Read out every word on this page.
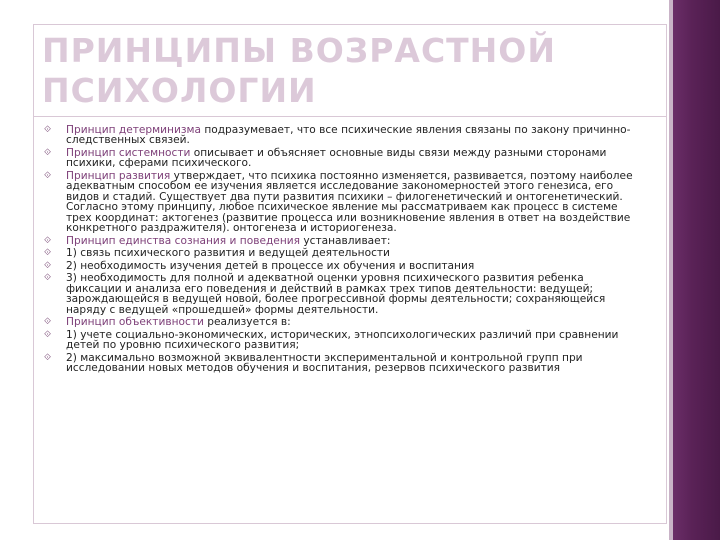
ПРИНЦИПЫ ВОЗРАСТНОЙ
ПСИХОЛОГИИ
⟐ Принцип детерминизма подразумевает, что все психические явления связаны по закону причинно-следственных связей.
⟐ Принцип системности описывает и объясняет основные виды связи между разными сторонами психики, сферами психического.
⟐ Принцип развития утверждает, что психика постоянно изменяется, развивается, поэтому наиболее адекватным способом ее изучения является исследование закономерностей этого генезиса, его видов и стадий. Существует два пути развития психики – филогенетический и онтогенетический. Согласно этому принципу, любое психическое явление мы рассматриваем как процесс в системе трех координат: актогенез (развитие процесса или возникновение явления в ответ на воздействие конкретного раздражителя). онтогенеза и историогенеза.
⟐ Принцип единства сознания и поведения устанавливает:
⟐ 1) связь психического развития и ведущей деятельности
⟐ 2) необходимость изучения детей в процессе их обучения и воспитания
⟐ 3) необходимость для полной и адекватной оценки уровня психического развития ребенка фиксации и анализа его поведения и действий в рамках трех типов деятельности: ведущей; зарождающейся в ведущей новой, более прогрессивной формы деятельности; сохраняющейся наряду с ведущей «прошедшей» формы деятельности.
⟐ Принцип объективности реализуется в:
⟐ 1) учете социально-экономических, исторических, этнопсихологических различий при сравнении детей по уровню психического развития;
⟐ 2) максимально возможной эквивалентности экспериментальной и контрольной групп при исследовании новых методов обучения и воспитания, резервов психического развития
